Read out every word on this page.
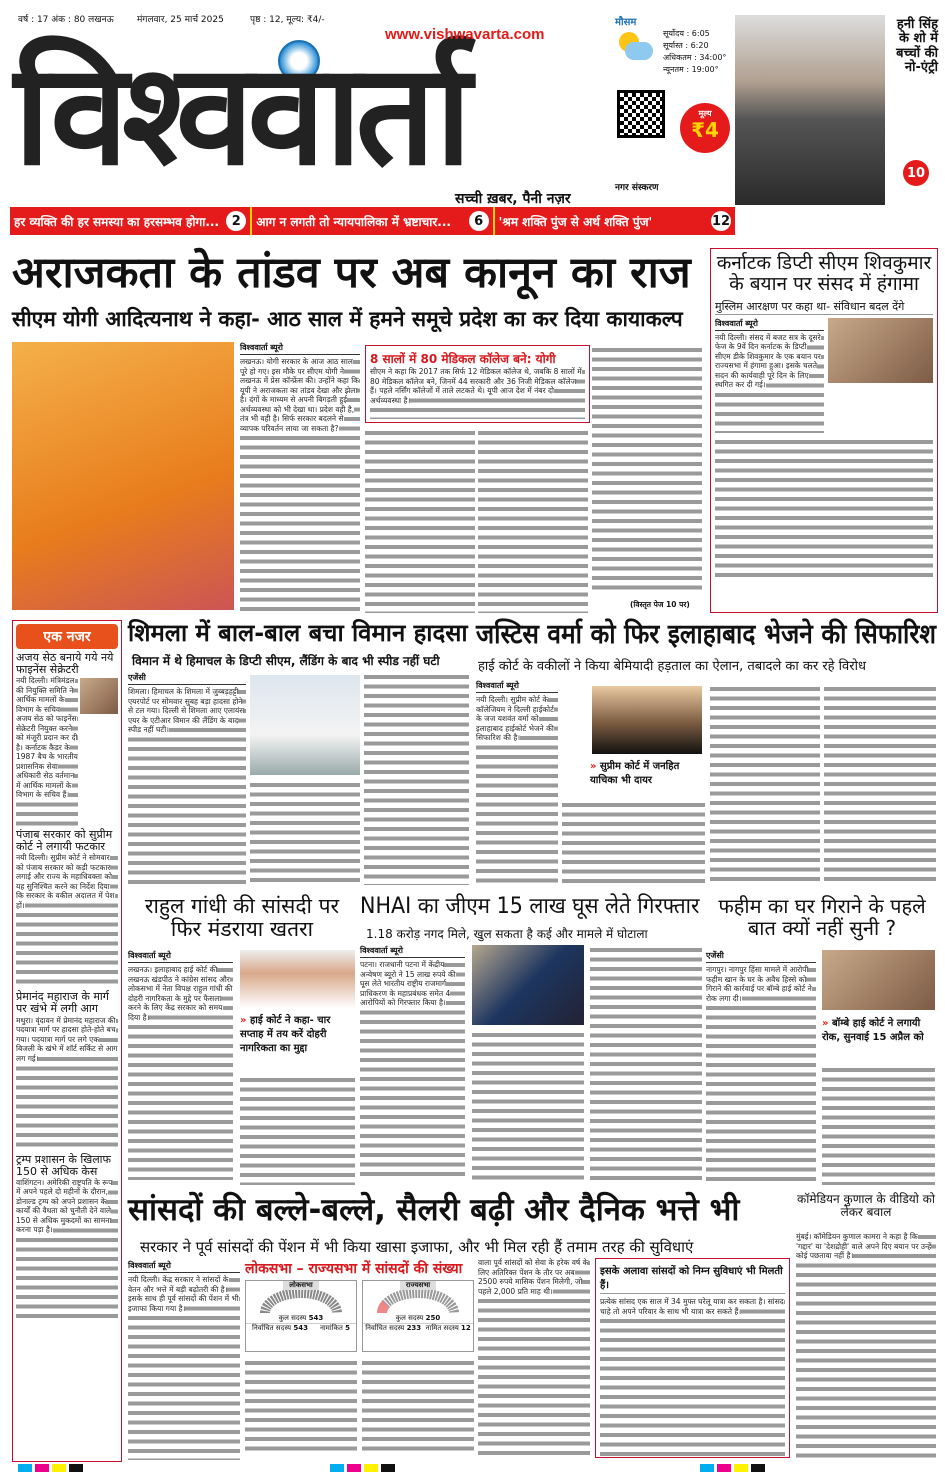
वर्ष : 17 अंक : 80 लखनऊ	मंगलवार, 25 मार्च 2025	पृष्ठ : 12, मूल्य: ₹4/-
विश्ववार्ता
www.vishwavarta.com
सच्ची ख़बर, पैनी नज़र
मौसम
सूर्योदय : 6:05
सूर्यास्त : 6:20
अधिकतम : 34:00°
न्यूनतम : 19:00°
मूल्य
₹4
नगर संस्करण
हनी सिंह के शो में बच्चों की नो-एंट्री
10
हर व्यक्ति की हर समस्या का हरसम्भव होगा... 2	आग न लगती तो न्यायपालिका में भ्रष्टाचार...	6	'श्रम शक्ति पुंज से अर्थ शक्ति पुंज'	12
अराजकता के तांडव पर अब कानून का राज
सीएम योगी आदित्यनाथ ने कहा- आठ साल में हमने समूचे प्रदेश का कर दिया कायाकल्प
विश्ववार्ता ब्यूरो
लखनऊ। योगी सरकार के आज आठ साल पूरे हो गए। इस मौके पर सीएम योगी ने लखनऊ में प्रेस कॉन्फ्रेंस की। उन्होंने कहा कि यूपी ने अराजकता का तांडव देखा और झेला है। दंगों के माध्यम से अपनी बिगड़ती हुई अर्थव्यवस्था को भी देखा था। प्रदेश वही है, तंत्र भी वही है। सिर्फ सरकार बदलने से व्यापक परिवर्तन लाया जा सकता है?
8 सालों में 80 मेडिकल कॉलेज बने: योगी
सीएम ने कहा कि 2017 तक सिर्फ 12 मेडिकल कॉलेज थे, जबकि 8 सालों में 80 मेडिकल कॉलेज बने, जिनमें 44 सरकारी और 36 निजी मेडिकल कॉलेज हैं। पहले नर्सिंग कॉलेजों में ताले लटकते थे। यूपी आज देश में नंबर दो अर्थव्यवस्था है।
(विस्तृत पेज 10 पर)
कर्नाटक डिप्टी सीएम शिवकुमार के बयान पर संसद में हंगामा
मुस्लिम आरक्षण पर कहा था- संविधान बदल देंगे
विश्ववार्ता ब्यूरो
नयी दिल्ली। संसद में बजट सत्र के दूसरे फेज के 9वें दिन कर्नाटक के डिप्टी सीएम डीके शिवकुमार के एक बयान पर राज्यसभा में हंगामा हुआ। इसके चलते सदन की कार्यवाही पूरे दिन के लिए स्थगित कर दी गई।
एक नजर
अजय सेठ बनाये गये नये फाइनेंस सेक्रेटरी
नयी दिल्ली। मंत्रिमंडल की नियुक्ति समिति ने आर्थिक मामलों के विभाग के सचिव अजय सेठ को फाइनेंस सेक्रेटरी नियुक्त करने को मंजूरी प्रदान कर दी है। कर्नाटक कैडर के 1987 बैच के भारतीय प्रशासनिक सेवा अधिकारी सेठ वर्तमान में आर्थिक मामलों के विभाग के सचिव हैं।
पंजाब सरकार को सुप्रीम कोर्ट ने लगायी फटकार
नयी दिल्ली। सुप्रीम कोर्ट ने सोमवार को पंजाब सरकार को कड़ी फटकार लगाई और राज्य के महाधिवक्ता को यह सुनिश्चित करने का निर्देश दिया कि सरकार के वकील अदालत में पेश हों।
प्रेमानंद महाराज के मार्ग पर खंभे में लगी आग
मथुरा। वृंदावन में प्रेमानंद महाराज की पदयात्रा मार्ग पर हादसा होते-होते बच गया। पदयात्रा मार्ग पर लगे एक बिजली के खंभे में शॉर्ट सर्किट से आग लग गई।
ट्रम्प प्रशासन के खिलाफ 150 से अधिक केस
वाशिंगटन। अमेरिकी राष्ट्रपति के रूप में अपने पहले दो महीनों के दौरान, डोनाल्ड ट्रम्प को अपने प्रशासन के कार्यों की वैधता को चुनौती देने वाले 150 से अधिक मुकदमों का सामना करना पड़ा है।
शिमला में बाल-बाल बचा विमान हादसा
विमान में थे हिमाचल के डिप्टी सीएम, लैंडिंग के बाद भी स्पीड नहीं घटी
एजेंसी
शिमला। हिमाचल के शिमला में जुब्बड़हट्टी एयरपोर्ट पर सोमवार सुबह बड़ा हादसा होने से टल गया। दिल्ली से शिमला आए एलायंस एयर के एटीआर विमान की लैंडिंग के बाद स्पीड नहीं घटी।
जस्टिस वर्मा को फिर इलाहाबाद भेजने की सिफारिश
हाई कोर्ट के वकीलों ने किया बेमियादी हड़ताल का ऐलान, तबादले का कर रहे विरोध
विश्ववार्ता ब्यूरो
नयी दिल्ली। सुप्रीम कोर्ट के कॉलेजियम ने दिल्ली हाईकोर्ट के जज यशवंत वर्मा को इलाहाबाद हाईकोर्ट भेजने की सिफारिश की है।
» सुप्रीम कोर्ट में जनहित याचिका भी दायर
राहुल गांधी की सांसदी पर फिर मंडराया खतरा
विश्ववार्ता ब्यूरो
लखनऊ। इलाहाबाद हाई कोर्ट की लखनऊ खंडपीठ ने कांग्रेस सांसद और लोकसभा में नेता विपक्ष राहुल गांधी की दोहरी नागरिकता के मुद्दे पर फैसला करने के लिए केंद्र सरकार को समय दिया है।	» हाई कोर्ट ने कहा- चार सप्ताह में तय करें दोहरी नागरिकता का मुद्दा
NHAI का जीएम 15 लाख घूस लेते गिरफ्तार
1.18 करोड़ नगद मिले, खुल सकता है कई और मामले में घोटाला
विश्ववार्ता ब्यूरो
पटना। राजधानी पटना में केंद्रीय अन्वेषण ब्यूरो ने 15 लाख रुपये की घूस लेते भारतीय राष्ट्रीय राजमार्ग प्राधिकरण के महाप्रबंधक समेत 4 आरोपियों को गिरफ्तार किया है।
फहीम का घर गिराने के पहले बात क्यों नहीं सुनी ?
एजेंसी
नागपुर। नागपुर हिंसा मामले में आरोपी फहीम खान के घर के अवैध हिस्से को गिराने की कार्रवाई पर बॉम्बे हाई कोर्ट ने रोक लगा दी।
» बॉम्बे हाई कोर्ट ने लगायी रोक, सुनवाई 15 अप्रैल को
सांसदों की बल्ले-बल्ले, सैलरी बढ़ी और दैनिक भत्ते भी
सरकार ने पूर्व सांसदों की पेंशन में भी किया खासा इजाफा, और भी मिल रही हैं तमाम तरह की सुविधाएं
विश्ववार्ता ब्यूरो
नयी दिल्ली। केंद्र सरकार ने सांसदों के वेतन और भत्ते में बड़ी बढ़ोतरी की है। इसके साथ ही पूर्व सांसदों की पेंशन में भी इजाफा किया गया है।
लोकसभा – राज्यसभा में सांसदों की संख्या
लोकसभा
कुल सदस्य 543
निर्वाचित सदस्य 543 नामांकित 5
राज्यसभा
कुल सदस्य 250
निर्वाचित सदस्य 233 नामित सदस्य 12
वाला पूर्व सांसदों को सेवा के हरेक वर्ष के लिए अतिरिक्त पेंशन के तौर पर अब 2500 रुपये मासिक पेंशन मिलेगी, जो पहले 2,000 प्रति माह थी।
इसके अलावा सांसदों को निम्न सुविधाएं भी मिलती हैं।
प्रत्येक सांसद एक साल में 34 मुफ्त घरेलू यात्रा कर सकता है। सांसद चाहे तो अपने परिवार के साथ भी यात्रा कर सकते हैं।
कॉमेडियन कुणाल के वीडियो को लेकर बवाल
मुंबई। कॉमेडियन कुणाल कामरा ने कहा है कि 'गद्दार' या 'देशद्रोही' वाले अपने दिए बयान पर उन्हें कोई पछतावा नहीं है।
